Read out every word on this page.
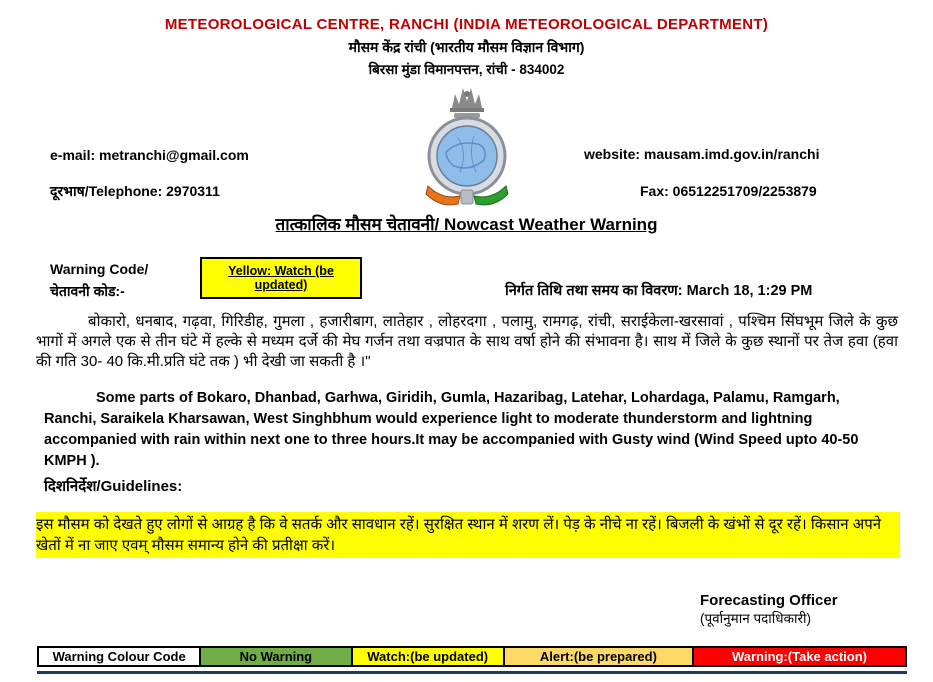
METEOROLOGICAL CENTRE, RANCHI (INDIA METEOROLOGICAL DEPARTMENT)
मौसम केंद्र रांची (भारतीय मौसम विज्ञान विभाग)
बिरसा मुंडा विमानपत्तन, रांची - 834002
e-mail: metranchi@gmail.com	website: mausam.imd.gov.in/ranchi
दूरभाष/Telephone: 2970311	Fax: 06512251709/2253879
तात्कालिक मौसम चेतावनी/ Nowcast Weather Warning
Warning Code/
चेतावनी कोड:-
Yellow: Watch (be updated)	निर्गत तिथि तथा समय का विवरण: March 18, 1:29 PM
बोकारो, धनबाद, गढ़वा, गिरिडीह, गुमला , हजारीबाग, लातेहार , लोहरदगा , पलामु, रामगढ़, रांची, सराईकेला-खरसावां , पश्चिम सिंघभूम जिले के कुछ भागों में अगले एक से तीन घंटे में हल्के से मध्यम दर्जे की मेघ गर्जन तथा वज्रपात के साथ वर्षा होने की संभावना है। साथ में जिले के कुछ स्थानों पर तेज हवा (हवा की गति 30- 40 कि.मी.प्रति घंटे तक ) भी देखी जा सकती है ।"
Some parts of Bokaro, Dhanbad, Garhwa, Giridih, Gumla, Hazaribag, Latehar, Lohardaga, Palamu, Ramgarh, Ranchi, Saraikela Kharsawan, West Singhbhum would experience light to moderate thunderstorm and lightning accompanied with rain within next one to three hours.It may be accompanied with Gusty wind (Wind Speed upto 40-50 KMPH ).
दिशनिर्देश/Guidelines:
इस मौसम को देखते हुए लोगों से आग्रह है कि वे सतर्क और सावधान रहें। सुरक्षित स्थान में शरण लें। पेड़ के नीचे ना रहें। बिजली के खंभों से दूर रहें। किसान अपने खेतों में ना जाए एवम् मौसम समान्य होने की प्रतीक्षा करें।
Forecasting Officer
(पूर्वानुमान पदाधिकारी)
Warning Colour Code	No Warning	Watch:(be updated)	Alert:(be prepared)	Warning:(Take action)
